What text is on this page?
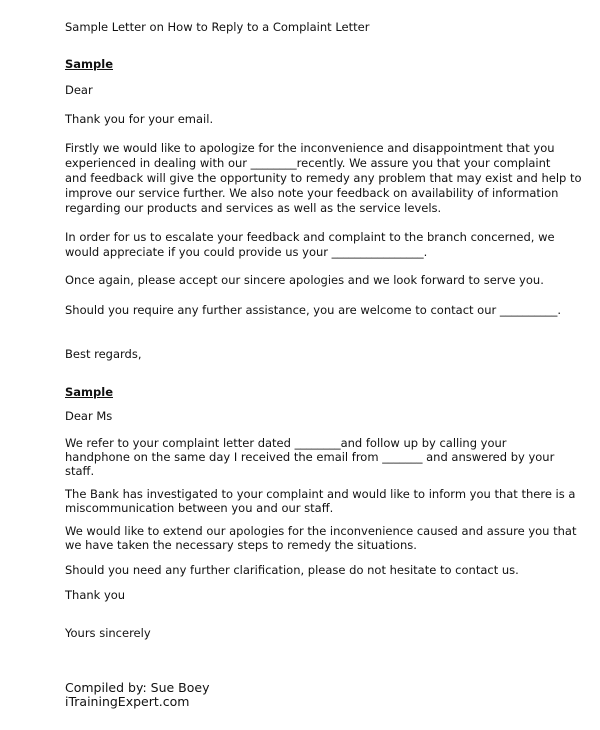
Sample Letter on How to Reply to a Complaint Letter
Sample
Dear
Thank you for your email.
Firstly we would like to apologize for the inconvenience and disappointment that you
experienced in dealing with our ________recently. We assure you that your complaint
and feedback will give the opportunity to remedy any problem that may exist and help to
improve our service further. We also note your feedback on availability of information
regarding our products and services as well as the service levels.
In order for us to escalate your feedback and complaint to the branch concerned, we
would appreciate if you could provide us your ________________.
Once again, please accept our sincere apologies and we look forward to serve you.
Should you require any further assistance, you are welcome to contact our __________.
Best regards,
Sample
Dear Ms
We refer to your complaint letter dated ________and follow up by calling your
handphone on the same day I received the email from _______ and answered by your
staff.
The Bank has investigated to your complaint and would like to inform you that there is a
miscommunication between you and our staff.
We would like to extend our apologies for the inconvenience caused and assure you that
we have taken the necessary steps to remedy the situations.
Should you need any further clarification, please do not hesitate to contact us.
Thank you
Yours sincerely
Compiled by: Sue Boey
iTrainingExpert.com
